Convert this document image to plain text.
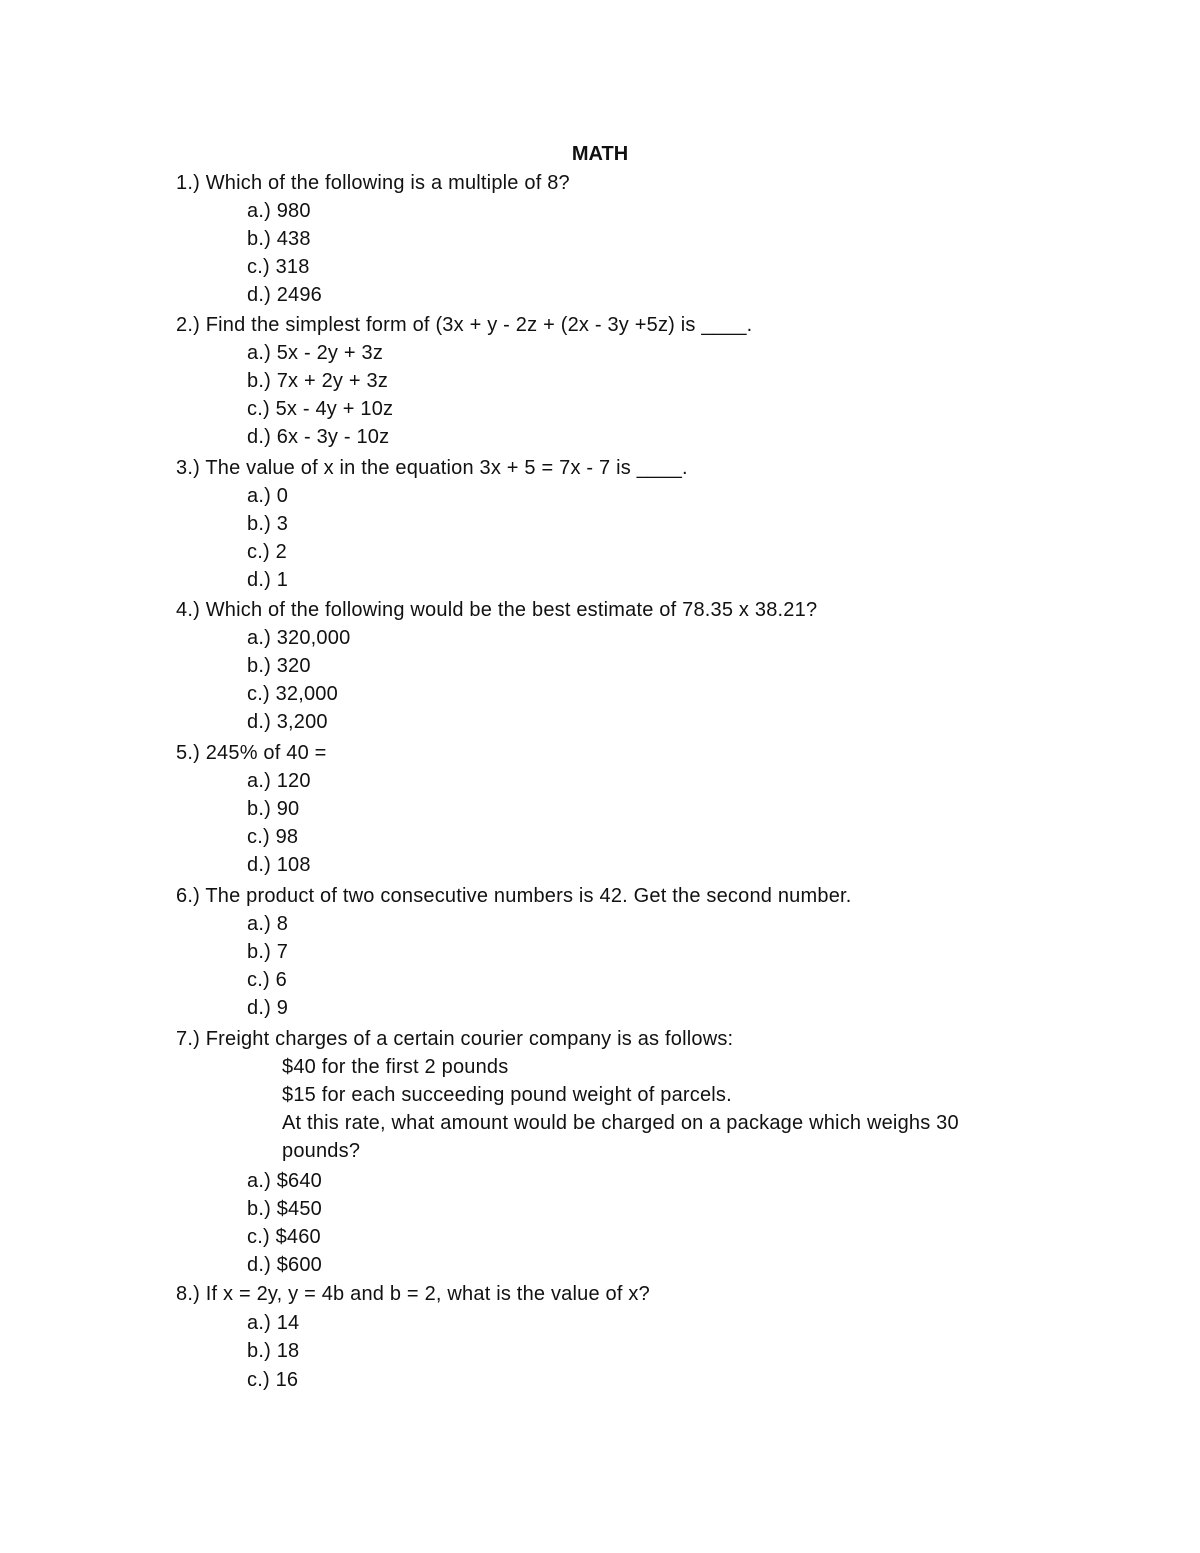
MATH
1.) Which of the following is a multiple of 8?
a.) 980
b.) 438
c.) 318
d.) 2496
2.) Find the simplest form of (3x + y - 2z + (2x - 3y +5z) is ____.
a.) 5x - 2y + 3z
b.) 7x + 2y + 3z
c.) 5x - 4y + 10z
d.) 6x - 3y - 10z
3.) The value of x in the equation 3x + 5 = 7x - 7 is ____.
a.) 0
b.) 3
c.) 2
d.) 1
4.) Which of the following would be the best estimate of 78.35 x 38.21?
a.) 320,000
b.) 320
c.) 32,000
d.) 3,200
5.) 245% of 40 =
a.) 120
b.) 90
c.) 98
d.) 108
6.) The product of two consecutive numbers is 42. Get the second number.
a.) 8
b.) 7
c.) 6
d.) 9
7.) Freight charges of a certain courier company is as follows:
$40 for the first 2 pounds
$15 for each succeeding pound weight of parcels.
At this rate, what amount would be charged on a package which weighs 30
pounds?
a.) $640
b.) $450
c.) $460
d.) $600
8.) If x = 2y, y = 4b and b = 2, what is the value of x?
a.) 14
b.) 18
c.) 16
